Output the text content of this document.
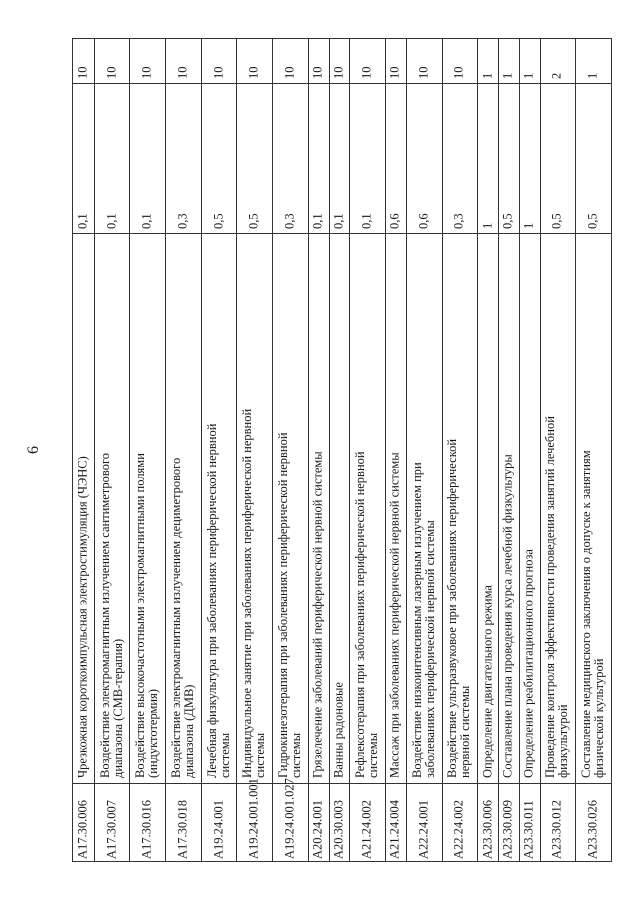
6
10
0,1
Чрезкожная короткоимпульсная электростимуляция (ЧЭНС)
A17.30.006
10
0,1
Воздействие электромагнитным излучением сантиметрового диапазона (СМВ-терапия)
A17.30.007
10
0,1
Воздействие высокочастотными электромагнитными полями (индуктотермия)
A17.30.016
10
0,3
Воздействие электромагнитным излучением дециметрового диапазона (ДМВ)
A17.30.018
10
0,5
Лечебная физкультура при заболеваниях периферической нервной системы
A19.24.001
10
0,5
Индивидуальное занятие при заболеваниях периферической нервной системы
A19.24.001.001
10
0,3
Гидрокинезотерапия при заболеваниях периферической нервной системы
A19.24.001.027
10
0,1
Грязелечение заболеваний периферической нервной системы
A20.24.001
10
0,1
Ванны радоновые
A20.30.003
10
0,1
Рефлексотерапия при заболеваниях периферической нервной системы
A21.24.002
10
0,6
Массаж при заболеваниях периферической нервной системы
A21.24.004
10
0,6
Воздействие низкоинтенсивным лазерным излучением при заболеваниях периферической нервной системы
A22.24.001
10
0,3
Воздействие ультразвуковое при заболеваниях периферической нервной системы
A22.24.002
1
1
Определение двигательного режима
A23.30.006
1
0,5
Составление плана проведения курса лечебной физкультуры
A23.30.009
1
1
Определение реабилитационного прогноза
A23.30.011
2
0,5
Проведение контроля эффективности проведения занятий лечебной физкультурой
A23.30.012
1
0,5
Составление медицинского заключения о допуске к занятиям физической культурой
A23.30.026
